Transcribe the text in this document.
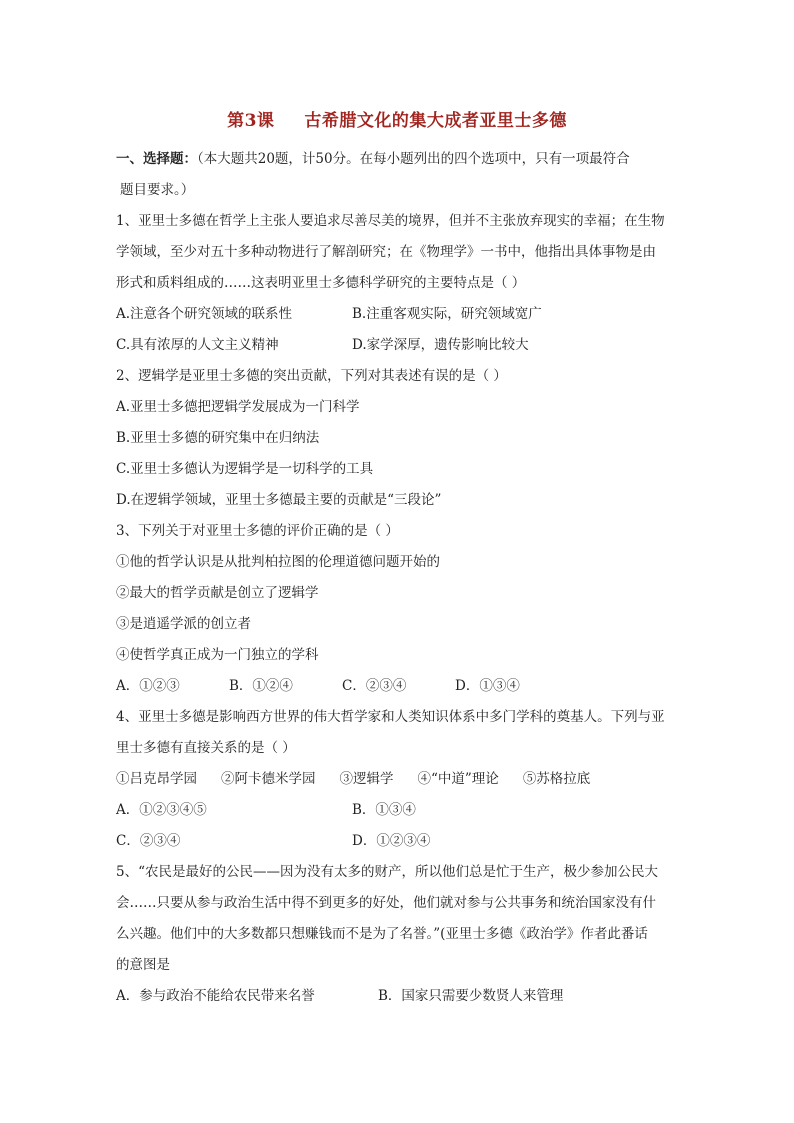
第3课 古希腊文化的集大成者亚里士多德
一、选择题：（本大题共20题，计50分。在每小题列出的四个选项中，只有一项最符合
题目要求。）
1、亚里士多德在哲学上主张人要追求尽善尽美的境界，但并不主张放弃现实的幸福；在生物
学领域，至少对五十多种动物进行了解剖研究；在《物理学》一书中，他指出具体事物是由
形式和质料组成的……这表明亚里士多德科学研究的主要特点是（ ）
A.注意各个研究领域的联系性	B.注重客观实际，研究领域宽广
C.具有浓厚的人文主义精神	D.家学深厚，遗传影响比较大
2、逻辑学是亚里士多德的突出贡献，下列对其表述有误的是（ ）
A.亚里士多德把逻辑学发展成为一门科学
B.亚里士多德的研究集中在归纳法
C.亚里士多德认为逻辑学是一切科学的工具
D.在逻辑学领域，亚里士多德最主要的贡献是“三段论”
3、下列关于对亚里士多德的评价正确的是（ ）
①他的哲学认识是从批判柏拉图的伦理道德问题开始的
②最大的哲学贡献是创立了逻辑学
③是逍遥学派的创立者
④使哲学真正成为一门独立的学科
A．①②③	B．①②④	C．②③④	D．①③④
4、亚里士多德是影响西方世界的伟大哲学家和人类知识体系中多门学科的奠基人。下列与亚
里士多德有直接关系的是（ ）
①吕克昂学园 ②阿卡德米学园 ③逻辑学 ④“中道”理论 ⑤苏格拉底
A．①②③④⑤	B．①③④
C．②③④	D．①②③④
5、“农民是最好的公民——因为没有太多的财产，所以他们总是忙于生产，极少参加公民大
会……只要从参与政治生活中得不到更多的好处，他们就对参与公共事务和统治国家没有什
么兴趣。他们中的大多数都只想赚钱而不是为了名誉。”(亚里士多德《政治学》作者此番话
的意图是
A．参与政治不能给农民带来名誉	B．国家只需要少数贤人来管理
